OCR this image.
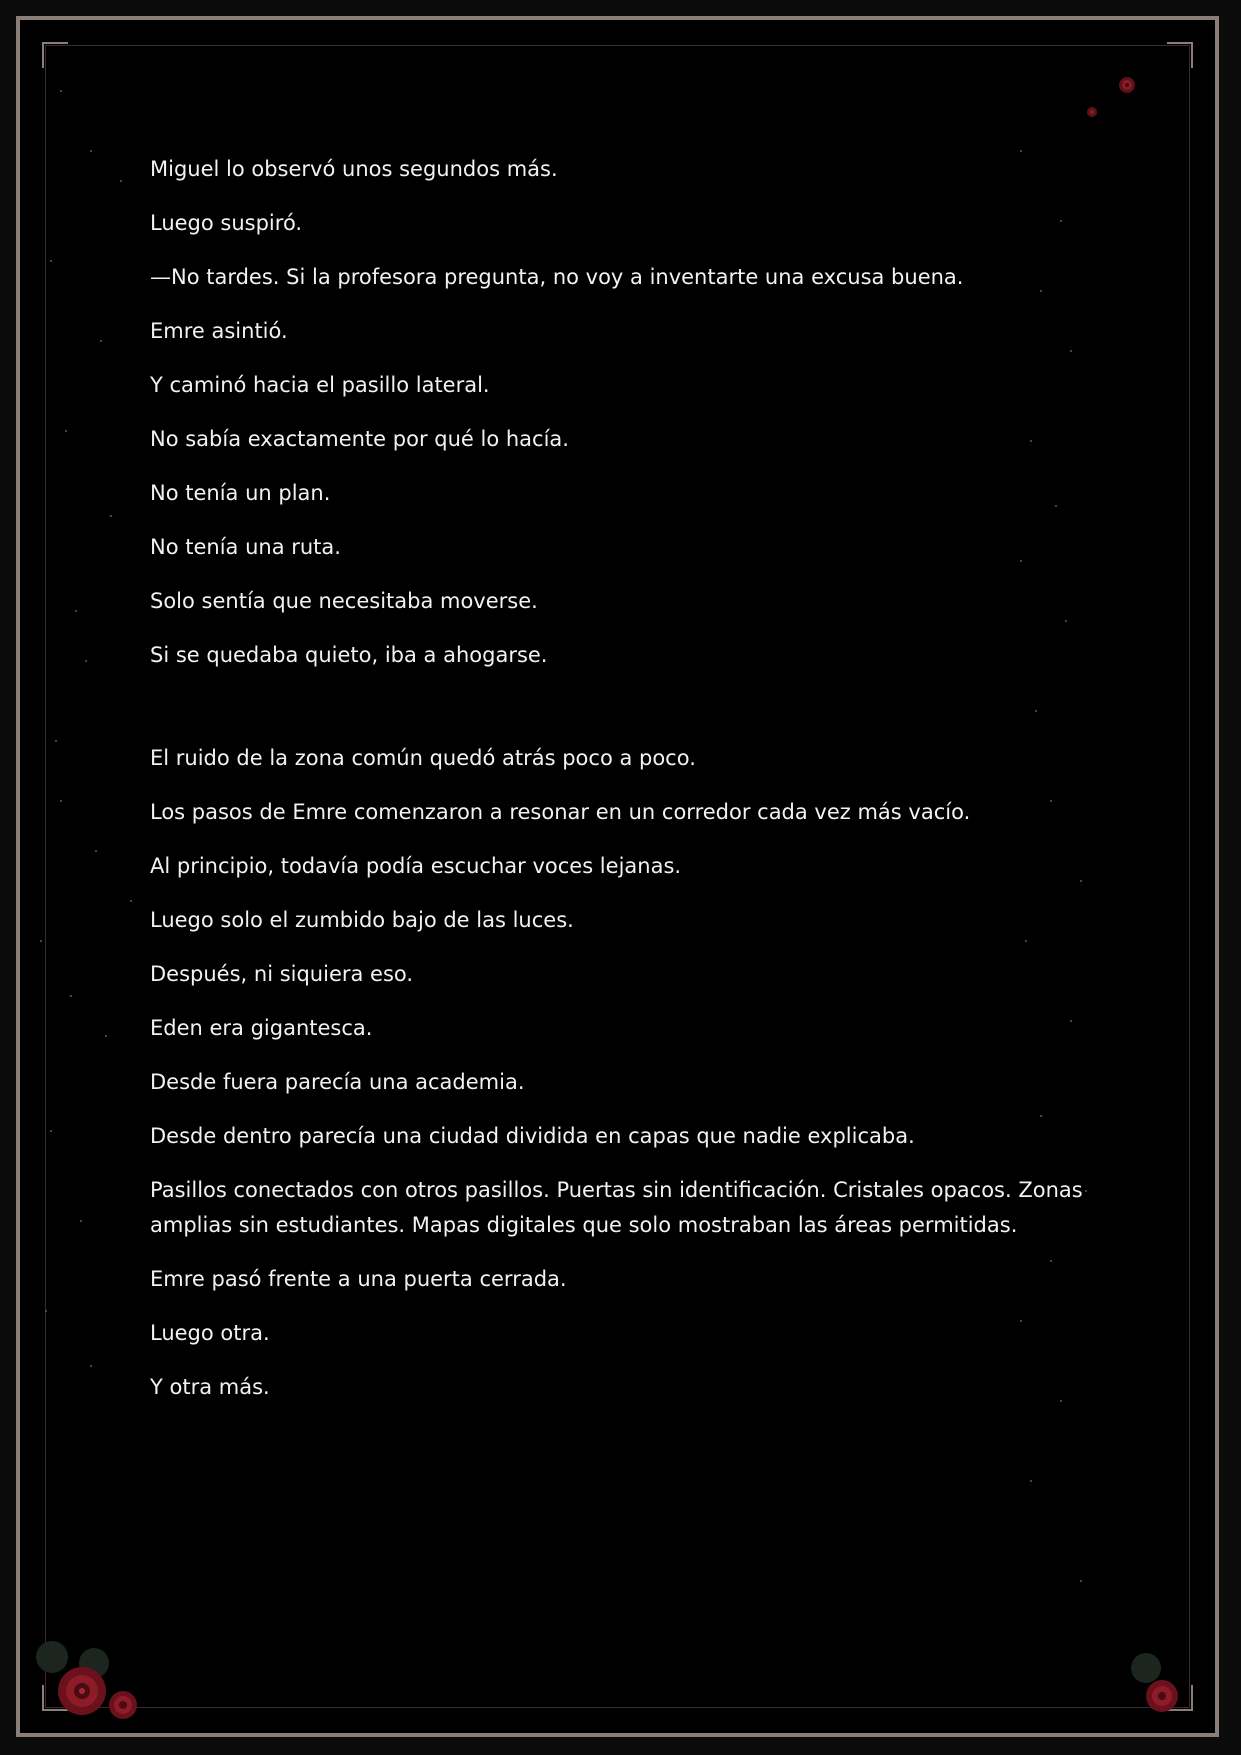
Miguel lo observó unos segundos más.

Luego suspiró.

—No tardes. Si la profesora pregunta, no voy a inventarte una excusa buena.

Emre asintió.

Y caminó hacia el pasillo lateral.

No sabía exactamente por qué lo hacía.

No tenía un plan.

No tenía una ruta.

Solo sentía que necesitaba moverse.

Si se quedaba quieto, iba a ahogarse.

El ruido de la zona común quedó atrás poco a poco.

Los pasos de Emre comenzaron a resonar en un corredor cada vez más vacío.

Al principio, todavía podía escuchar voces lejanas.

Luego solo el zumbido bajo de las luces.

Después, ni siquiera eso.

Eden era gigantesca.

Desde fuera parecía una academia.

Desde dentro parecía una ciudad dividida en capas que nadie explicaba.

Pasillos conectados con otros pasillos. Puertas sin identificación. Cristales opacos. Zonas amplias sin estudiantes. Mapas digitales que solo mostraban las áreas permitidas.

Emre pasó frente a una puerta cerrada.

Luego otra.

Y otra más.
